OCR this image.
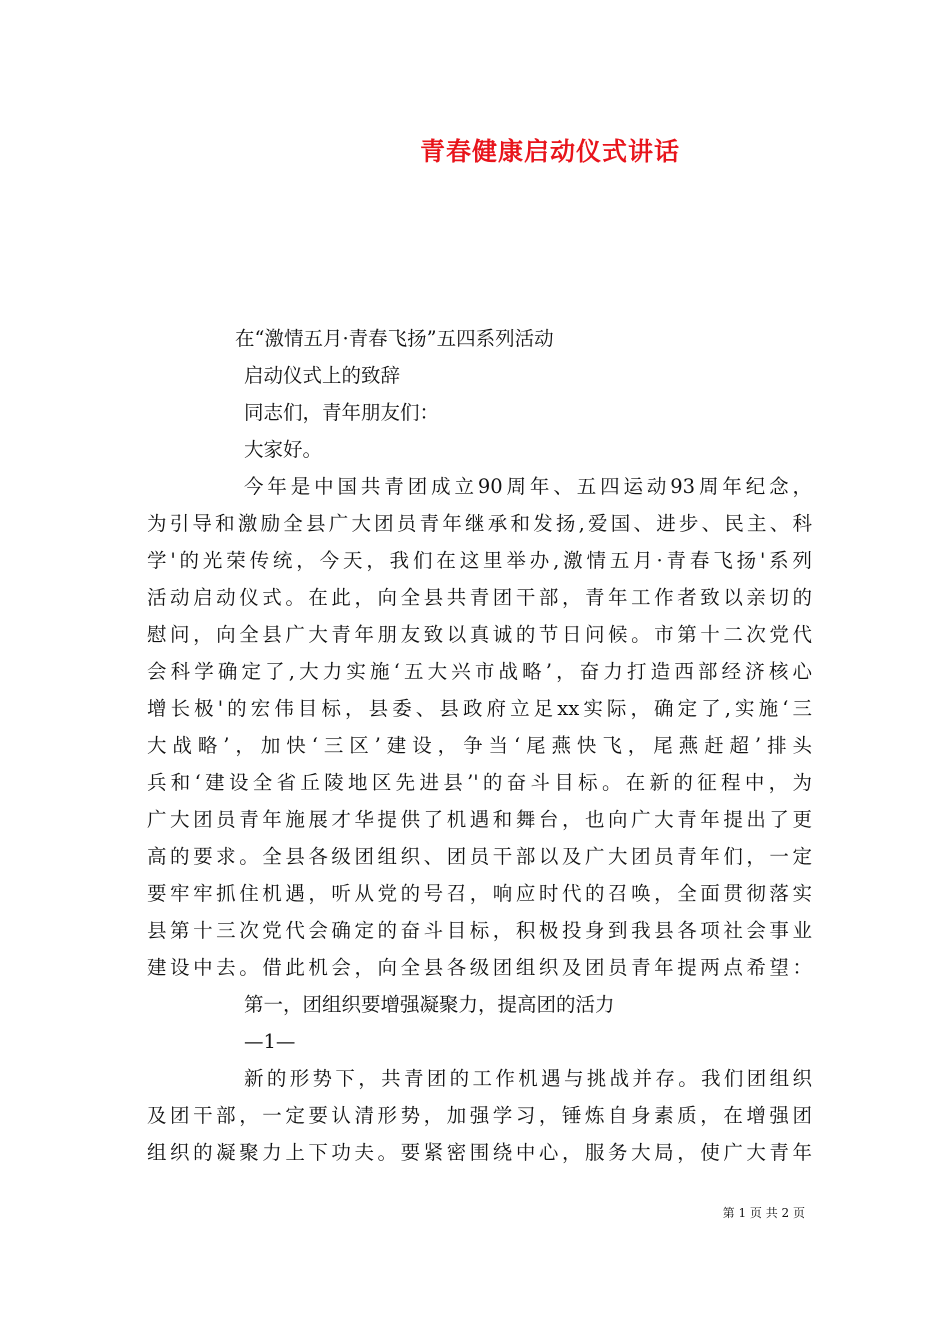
青春健康启动仪式讲话
在“激情五月·青春飞扬”五四系列活动
启动仪式上的致辞
同志们，青年朋友们：
大家好。
今年是中国共青团成立90周年、五四运动93周年纪念，
为引导和激励全县广大团员青年继承和发扬,爱国、进步、民主、科
学'的光荣传统，今天，我们在这里举办,激情五月·青春飞扬'系列
活动启动仪式。在此，向全县共青团干部，青年工作者致以亲切的
慰问，向全县广大青年朋友致以真诚的节日问候。市第十二次党代
会科学确定了,大力实施‘五大兴市战略’，奋力打造西部经济核心
增长极'的宏伟目标，县委、县政府立足xx实际，确定了,实施‘三
大战略’，加快‘三区’建设，争当‘尾燕快飞，尾燕赶超’排头
兵和‘建设全省丘陵地区先进县’'的奋斗目标。在新的征程中，为
广大团员青年施展才华提供了机遇和舞台，也向广大青年提出了更
高的要求。全县各级团组织、团员干部以及广大团员青年们，一定
要牢牢抓住机遇，听从党的号召，响应时代的召唤，全面贯彻落实
县第十三次党代会确定的奋斗目标，积极投身到我县各项社会事业
建设中去。借此机会，向全县各级团组织及团员青年提两点希望：
第一，团组织要增强凝聚力，提高团的活力
—1—
新的形势下，共青团的工作机遇与挑战并存。我们团组织
及团干部，一定要认清形势，加强学习，锤炼自身素质，在增强团
组织的凝聚力上下功夫。要紧密围绕中心，服务大局，使广大青年
第 1 页 共 2 页
